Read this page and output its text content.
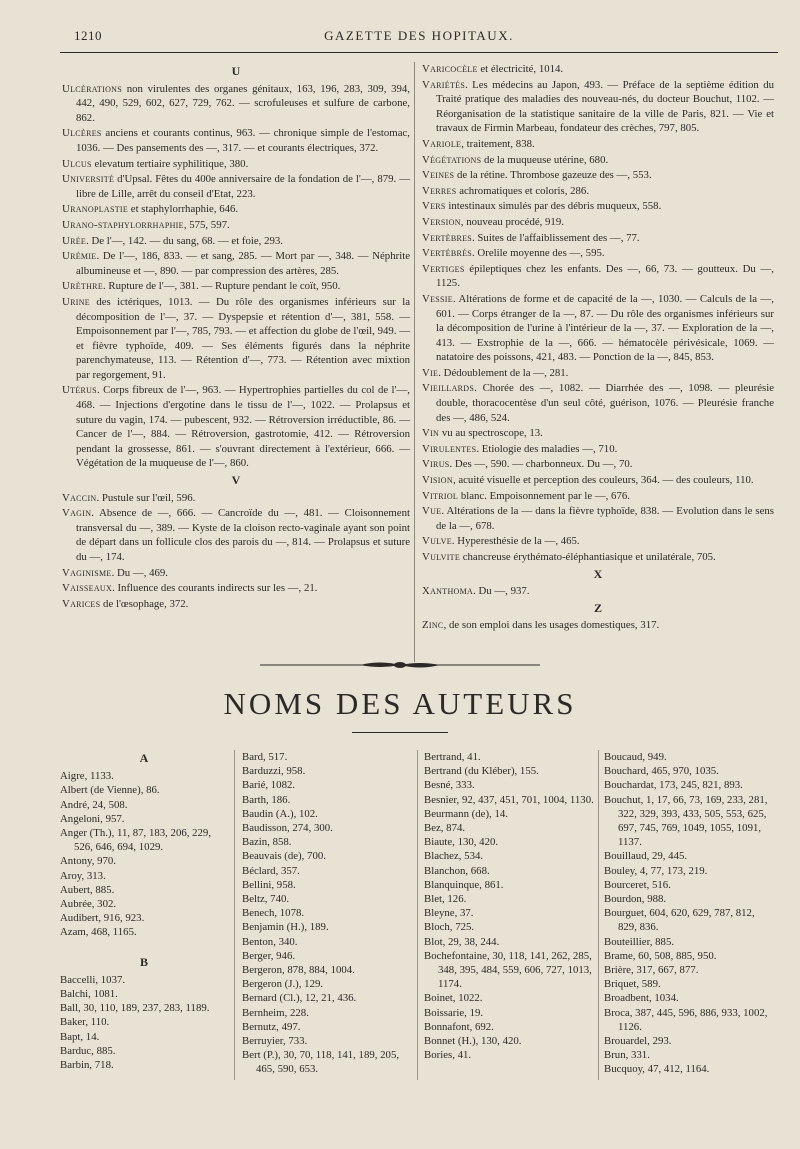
1210	GAZETTE DES HOPITAUX.
U
Ulcérations non virulentes des organes génitaux, 163, 196, 283, 309, 394, 442, 490, 529, 602, 627, 729, 762. — scrofuleuses et sulfure de carbone, 862.
Ulcères anciens et courants continus, 963. — chronique simple de l'estomac, 1036. — Des pansements des —, 317. — et courants électriques, 372.
Ulcus elevatum tertiaire syphilitique, 380.
Université d'Upsal. Fêtes du 400e anniversaire de la fondation de l'—, 879. — libre de Lille, arrêt du conseil d'Etat, 223.
Uranoplastie et staphylorrhaphie, 646.
Urano-staphylorrhaphie, 575, 597.
Urée. De l'—, 142. — du sang, 68. — et foie, 293.
Urémie. De l'—, 186, 833. — et sang, 285. — Mort par —, 348. — Néphrite albumineuse et —, 890. — par compression des artères, 285.
Urèthre. Rupture de l'—, 381. — Rupture pendant le coït, 950.
Urine des ictériques, 1013. — Du rôle des organismes inférieurs sur la décomposition de l'—, 37. — Dyspepsie et rétention d'—, 381, 558. — Empoisonnement par l'—, 785, 793. — et affection du globe de l'œil, 949. — et fièvre typhoïde, 409. — Ses éléments figurés dans la néphrite parenchymateuse, 113. — Rétention d'—, 773. — Rétention avec mixtion par regorgement, 91.
Utérus. Corps fibreux de l'—, 963. — Hypertrophies partielles du col de l'—, 468. — Injections d'ergotine dans le tissu de l'—, 1022. — Prolapsus et suture du vagin, 174. — pubescent, 932. — Rétroversion irréductible, 86. — Cancer de l'—, 884. — Rétroversion, gastrotomie, 412. — Rétroversion pendant la grossesse, 861. — s'ouvrant directement à l'extérieur, 666. — Végétation de la muqueuse de l'—, 860.
V
Vaccin. Pustule sur l'œil, 596.
Vagin. Absence de —, 666. — Cancroïde du —, 481. — Cloisonnement transversal du —, 389. — Kyste de la cloison recto-vaginale ayant son point de départ dans un follicule clos des parois du —, 814. — Prolapsus et suture du —, 174.
Vaginisme. Du —, 469.
Vaisseaux. Influence des courants indirects sur les —, 21.
Varices de l'œsophage, 372.
Varicocèle et électricité, 1014.
Variétés. Les médecins au Japon, 493. — Préface de la septième édition du Traité pratique des maladies des nouveau-nés, du docteur Bouchut, 1102. — Réorganisation de la statistique sanitaire de la ville de Paris, 821. — Vie et travaux de Firmin Marbeau, fondateur des crèches, 797, 805.
Variole, traitement, 838.
Végétations de la muqueuse utérine, 680.
Veines de la rétine. Thrombose gazeuze des —, 553.
Verres achromatiques et coloris, 286.
Vers intestinaux simulés par des débris muqueux, 558.
Version, nouveau procédé, 919.
Vertèbres. Suites de l'affaiblissement des —, 77.
Vertébrés. Orelile moyenne des —, 595.
Vertiges épileptiques chez les enfants. Des —, 66, 73. — goutteux. Du —, 1125.
Vessie. Altérations de forme et de capacité de la —, 1030. — Calculs de la —, 601. — Corps étranger de la —, 87. — Du rôle des organismes inférieurs sur la décomposition de l'urine à l'intérieur de la —, 37. — Exploration de la —, 413. — Exstrophie de la —, 666. — hématocèle périvésicale, 1069. — natatoire des poissons, 421, 483. — Ponction de la —, 845, 853.
Vie. Dédoublement de la —, 281.
Vieillards. Chorée des —, 1082. — Diarrhée des —, 1098. — pleurésie double, thoracocentèse d'un seul côté, guérison, 1076. — Pleurésie franche des —, 486, 524.
Vin vu au spectroscope, 13.
Virulentes. Etiologie des maladies —, 710.
Virus. Des —, 590. — charbonneux. Du —, 70.
Vision, acuité visuelle et perception des couleurs, 364. — des couleurs, 110.
Vitriol blanc. Empoisonnement par le —, 676.
Vue. Altérations de la — dans la fièvre typhoïde, 838. — Evolution dans le sens de la —, 678.
Vulve. Hyperesthésie de la —, 465.
Vulvite chancreuse érythémato-éléphantiasique et unilatérale, 705.
X
Xanthoma. Du —, 937.
Z
Zinc, de son emploi dans les usages domestiques, 317.
NOMS DES AUTEURS
A
Aigre, 1133.
Albert (de Vienne), 86.
André, 24, 508.
Angeloni, 957.
Anger (Th.), 11, 87, 183, 206, 229, 526, 646, 694, 1029.
Antony, 970.
Aroy, 313.
Aubert, 885.
Aubrée, 302.
Audibert, 916, 923.
Azam, 468, 1165.
B
Baccelli, 1037.
Balchi, 1081.
Ball, 30, 110, 189, 237, 283, 1189.
Baker, 110.
Bapt, 14.
Barduc, 885.
Barbin, 718.
Bard, 517.
Barduzzi, 958.
Barié, 1082.
Barth, 186.
Baudin (A.), 102.
Baudisson, 274, 300.
Bazin, 858.
Beauvais (de), 700.
Béclard, 357.
Bellini, 958.
Beltz, 740.
Benech, 1078.
Benjamin (H.), 189.
Benton, 340.
Berger, 946.
Bergeron, 878, 884, 1004.
Bergeron (J.), 129.
Bernard (Cl.), 12, 21, 436.
Bernheim, 228.
Bernutz, 497.
Berruyier, 733.
Bert (P.), 30, 70, 118, 141, 189, 205, 465, 590, 653.
Bertrand, 41.
Bertrand (du Kléber), 155.
Besné, 333.
Besnier, 92, 437, 451, 701, 1004, 1130.
Beurmann (de), 14.
Bez, 874.
Biaute, 130, 420.
Blachez, 534.
Blanchon, 668.
Blanquinque, 861.
Blet, 126.
Bleyne, 37.
Bloch, 725.
Blot, 29, 38, 244.
Bochefontaine, 30, 118, 141, 262, 285, 348, 395, 484, 559, 606, 727, 1013, 1174.
Boinet, 1022.
Boissarie, 19.
Bonnafont, 692.
Bonnet (H.), 130, 420.
Bories, 41.
Boucaud, 949.
Bouchard, 465, 970, 1035.
Bouchardat, 173, 245, 821, 893.
Bouchut, 1, 17, 66, 73, 169, 233, 281, 322, 329, 393, 433, 505, 553, 625, 697, 745, 769, 1049, 1055, 1091, 1137.
Bouillaud, 29, 445.
Bouley, 4, 77, 173, 219.
Bourceret, 516.
Bourdon, 988.
Bourguet, 604, 620, 629, 787, 812, 829, 836.
Bouteillier, 885.
Brame, 60, 508, 885, 950.
Brière, 317, 667, 877.
Briquet, 589.
Broadbent, 1034.
Broca, 387, 445, 596, 886, 933, 1002, 1126.
Brouardel, 293.
Brun, 331.
Bucquoy, 47, 412, 1164.
